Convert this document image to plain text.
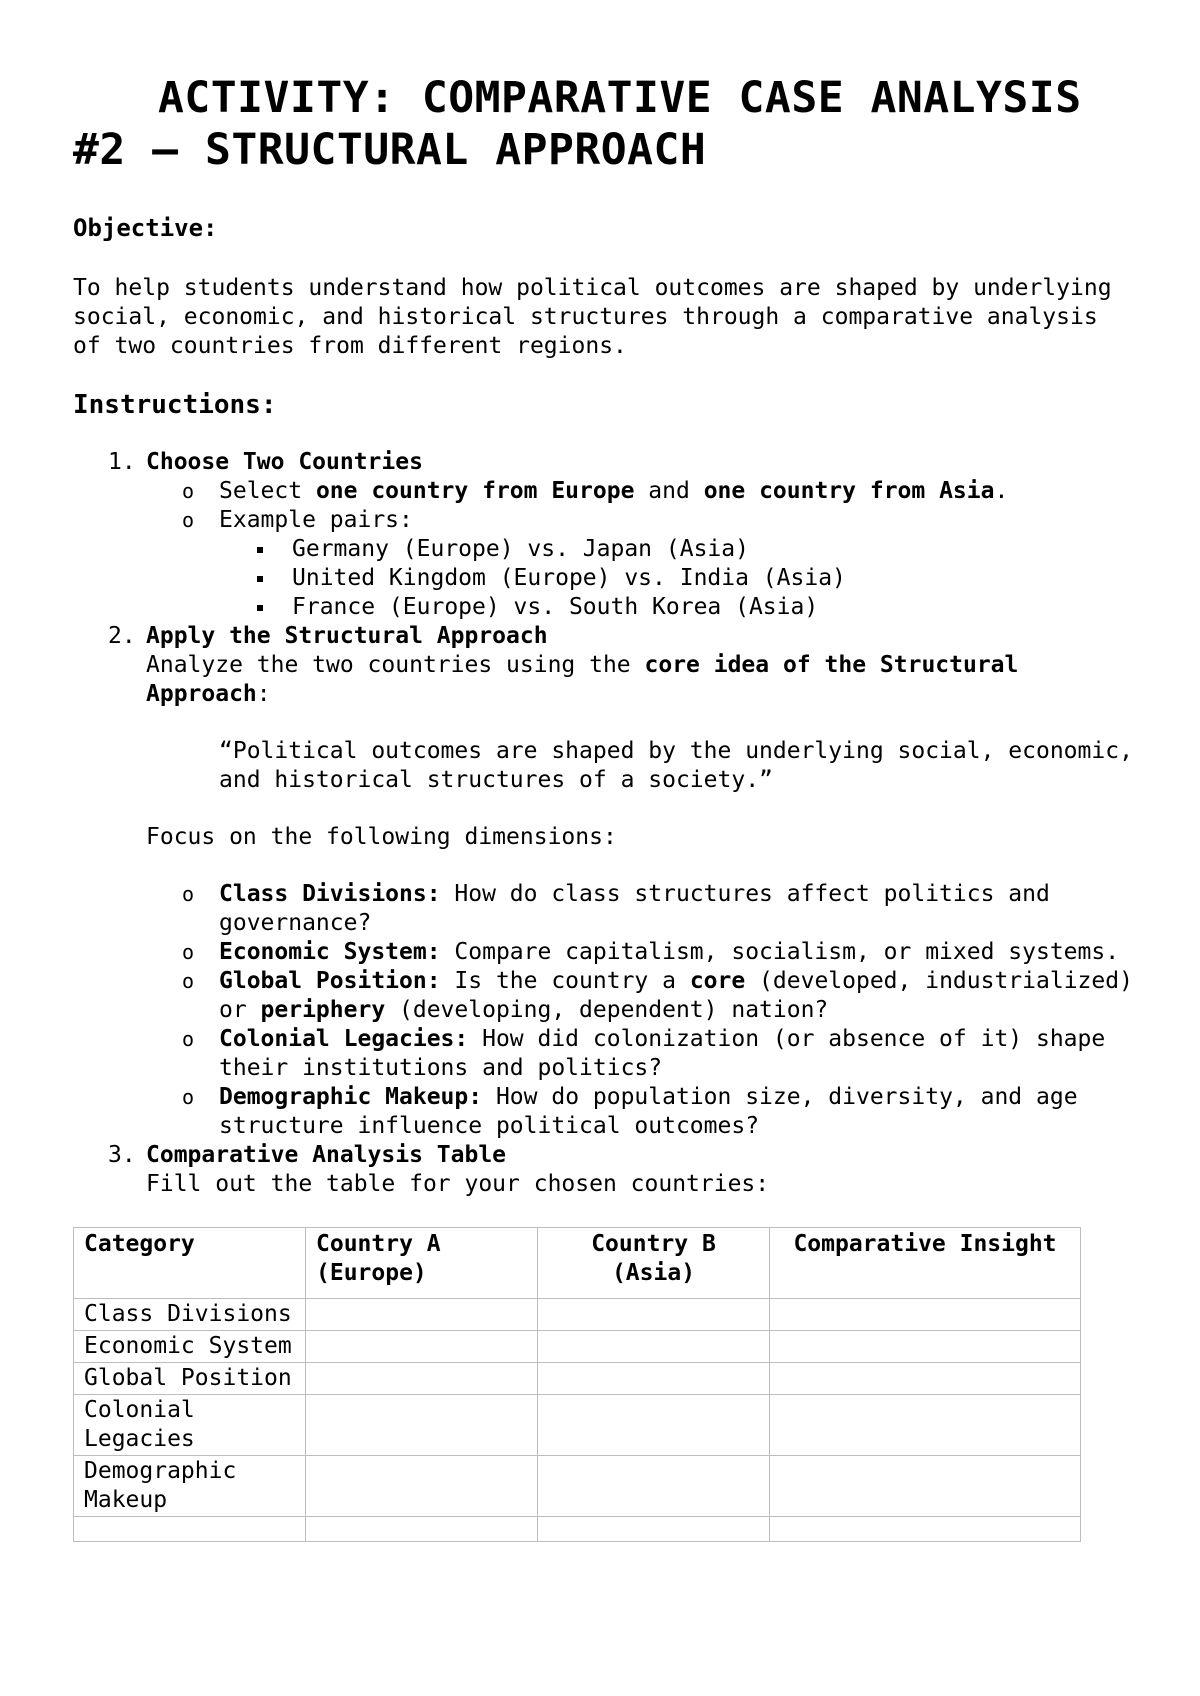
ACTIVITY: COMPARATIVE CASE ANALYSIS #2 – STRUCTURAL APPROACH
Objective:
To help students understand how political outcomes are shaped by underlying social, economic, and historical structures through a comparative analysis of two countries from different regions.
Instructions:
1. Choose Two Countries
o Select one country from Europe and one country from Asia.
o Example pairs:
Germany (Europe) vs. Japan (Asia)
United Kingdom (Europe) vs. India (Asia)
France (Europe) vs. South Korea (Asia)
2. Apply the Structural Approach
Analyze the two countries using the core idea of the Structural Approach:
“Political outcomes are shaped by the underlying social, economic, and historical structures of a society.”
Focus on the following dimensions:
o Class Divisions: How do class structures affect politics and governance?
o Economic System: Compare capitalism, socialism, or mixed systems.
o Global Position: Is the country a core (developed, industrialized) or periphery (developing, dependent) nation?
o Colonial Legacies: How did colonization (or absence of it) shape their institutions and politics?
o Demographic Makeup: How do population size, diversity, and age structure influence political outcomes?
3. Comparative Analysis Table
Fill out the table for your chosen countries:
Category	Country A (Europe)	Country B (Asia)	Comparative Insight
Class Divisions			
Economic System			
Global Position			
Colonial Legacies			
Demographic Makeup			
